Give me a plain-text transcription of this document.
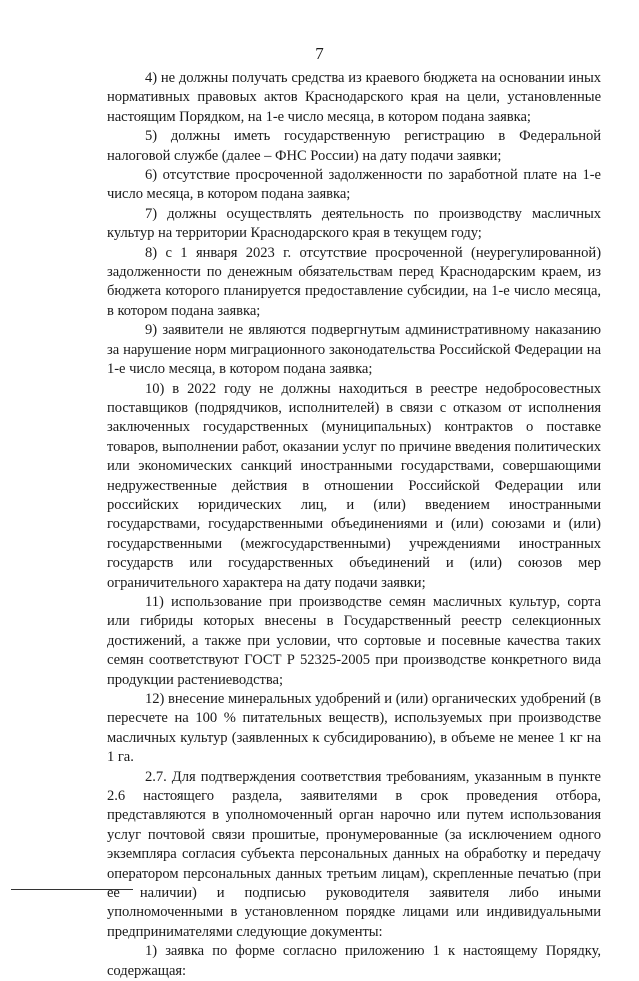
7

4) не должны получать средства из краевого бюджета на основании иных нормативных правовых актов Краснодарского края на цели, установленные настоящим Порядком, на 1-е число месяца, в котором подана заявка;

5) должны иметь государственную регистрацию в Федеральной налоговой службе (далее – ФНС России) на дату подачи заявки;

6) отсутствие просроченной задолженности по заработной плате на 1-е число месяца, в котором подана заявка;

7) должны осуществлять деятельность по производству масличных культур на территории Краснодарского края в текущем году;

8) с 1 января 2023 г. отсутствие просроченной (неурегулированной) задолженности по денежным обязательствам перед Краснодарским краем, из бюджета которого планируется предоставление субсидии, на 1-е число месяца, в котором подана заявка;

9) заявители не являются подвергнутым административному наказанию за нарушение норм миграционного законодательства Российской Федерации на 1-е число месяца, в котором подана заявка;

10) в 2022 году не должны находиться в реестре недобросовестных поставщиков (подрядчиков, исполнителей) в связи с отказом от исполнения заключенных государственных (муниципальных) контрактов о поставке товаров, выполнении работ, оказании услуг по причине введения политических или экономических санкций иностранными государствами, совершающими недружественные действия в отношении Российской Федерации или российских юридических лиц, и (или) введением иностранными государствами, государственными объединениями и (или) союзами и (или) государственными (межгосударственными) учреждениями иностранных государств или государственных объединений и (или) союзов мер ограничительного характера на дату подачи заявки;

11) использование при производстве семян масличных культур, сорта или гибриды которых внесены в Государственный реестр селекционных достижений, а также при условии, что сортовые и посевные качества таких семян соответствуют ГОСТ Р 52325-2005 при производстве конкретного вида продукции растениеводства;

12) внесение минеральных удобрений и (или) органических удобрений (в пересчете на 100 % питательных веществ), используемых при производстве масличных культур (заявленных к субсидированию), в объеме не менее 1 кг на 1 га.

2.7. Для подтверждения соответствия требованиям, указанным в пункте 2.6 настоящего раздела, заявителями в срок проведения отбора, представляются в уполномоченный орган нарочно или путем использования услуг почтовой связи прошитые, пронумерованные (за исключением одного экземпляра согласия субъекта персональных данных на обработку и передачу оператором персональных данных третьим лицам), скрепленные печатью (при ее наличии) и подписью руководителя заявителя либо иными уполномоченными в установленном порядке лицами или индивидуальными предпринимателями следующие документы:

1) заявка по форме согласно приложению 1 к настоящему Порядку, содержащая:
